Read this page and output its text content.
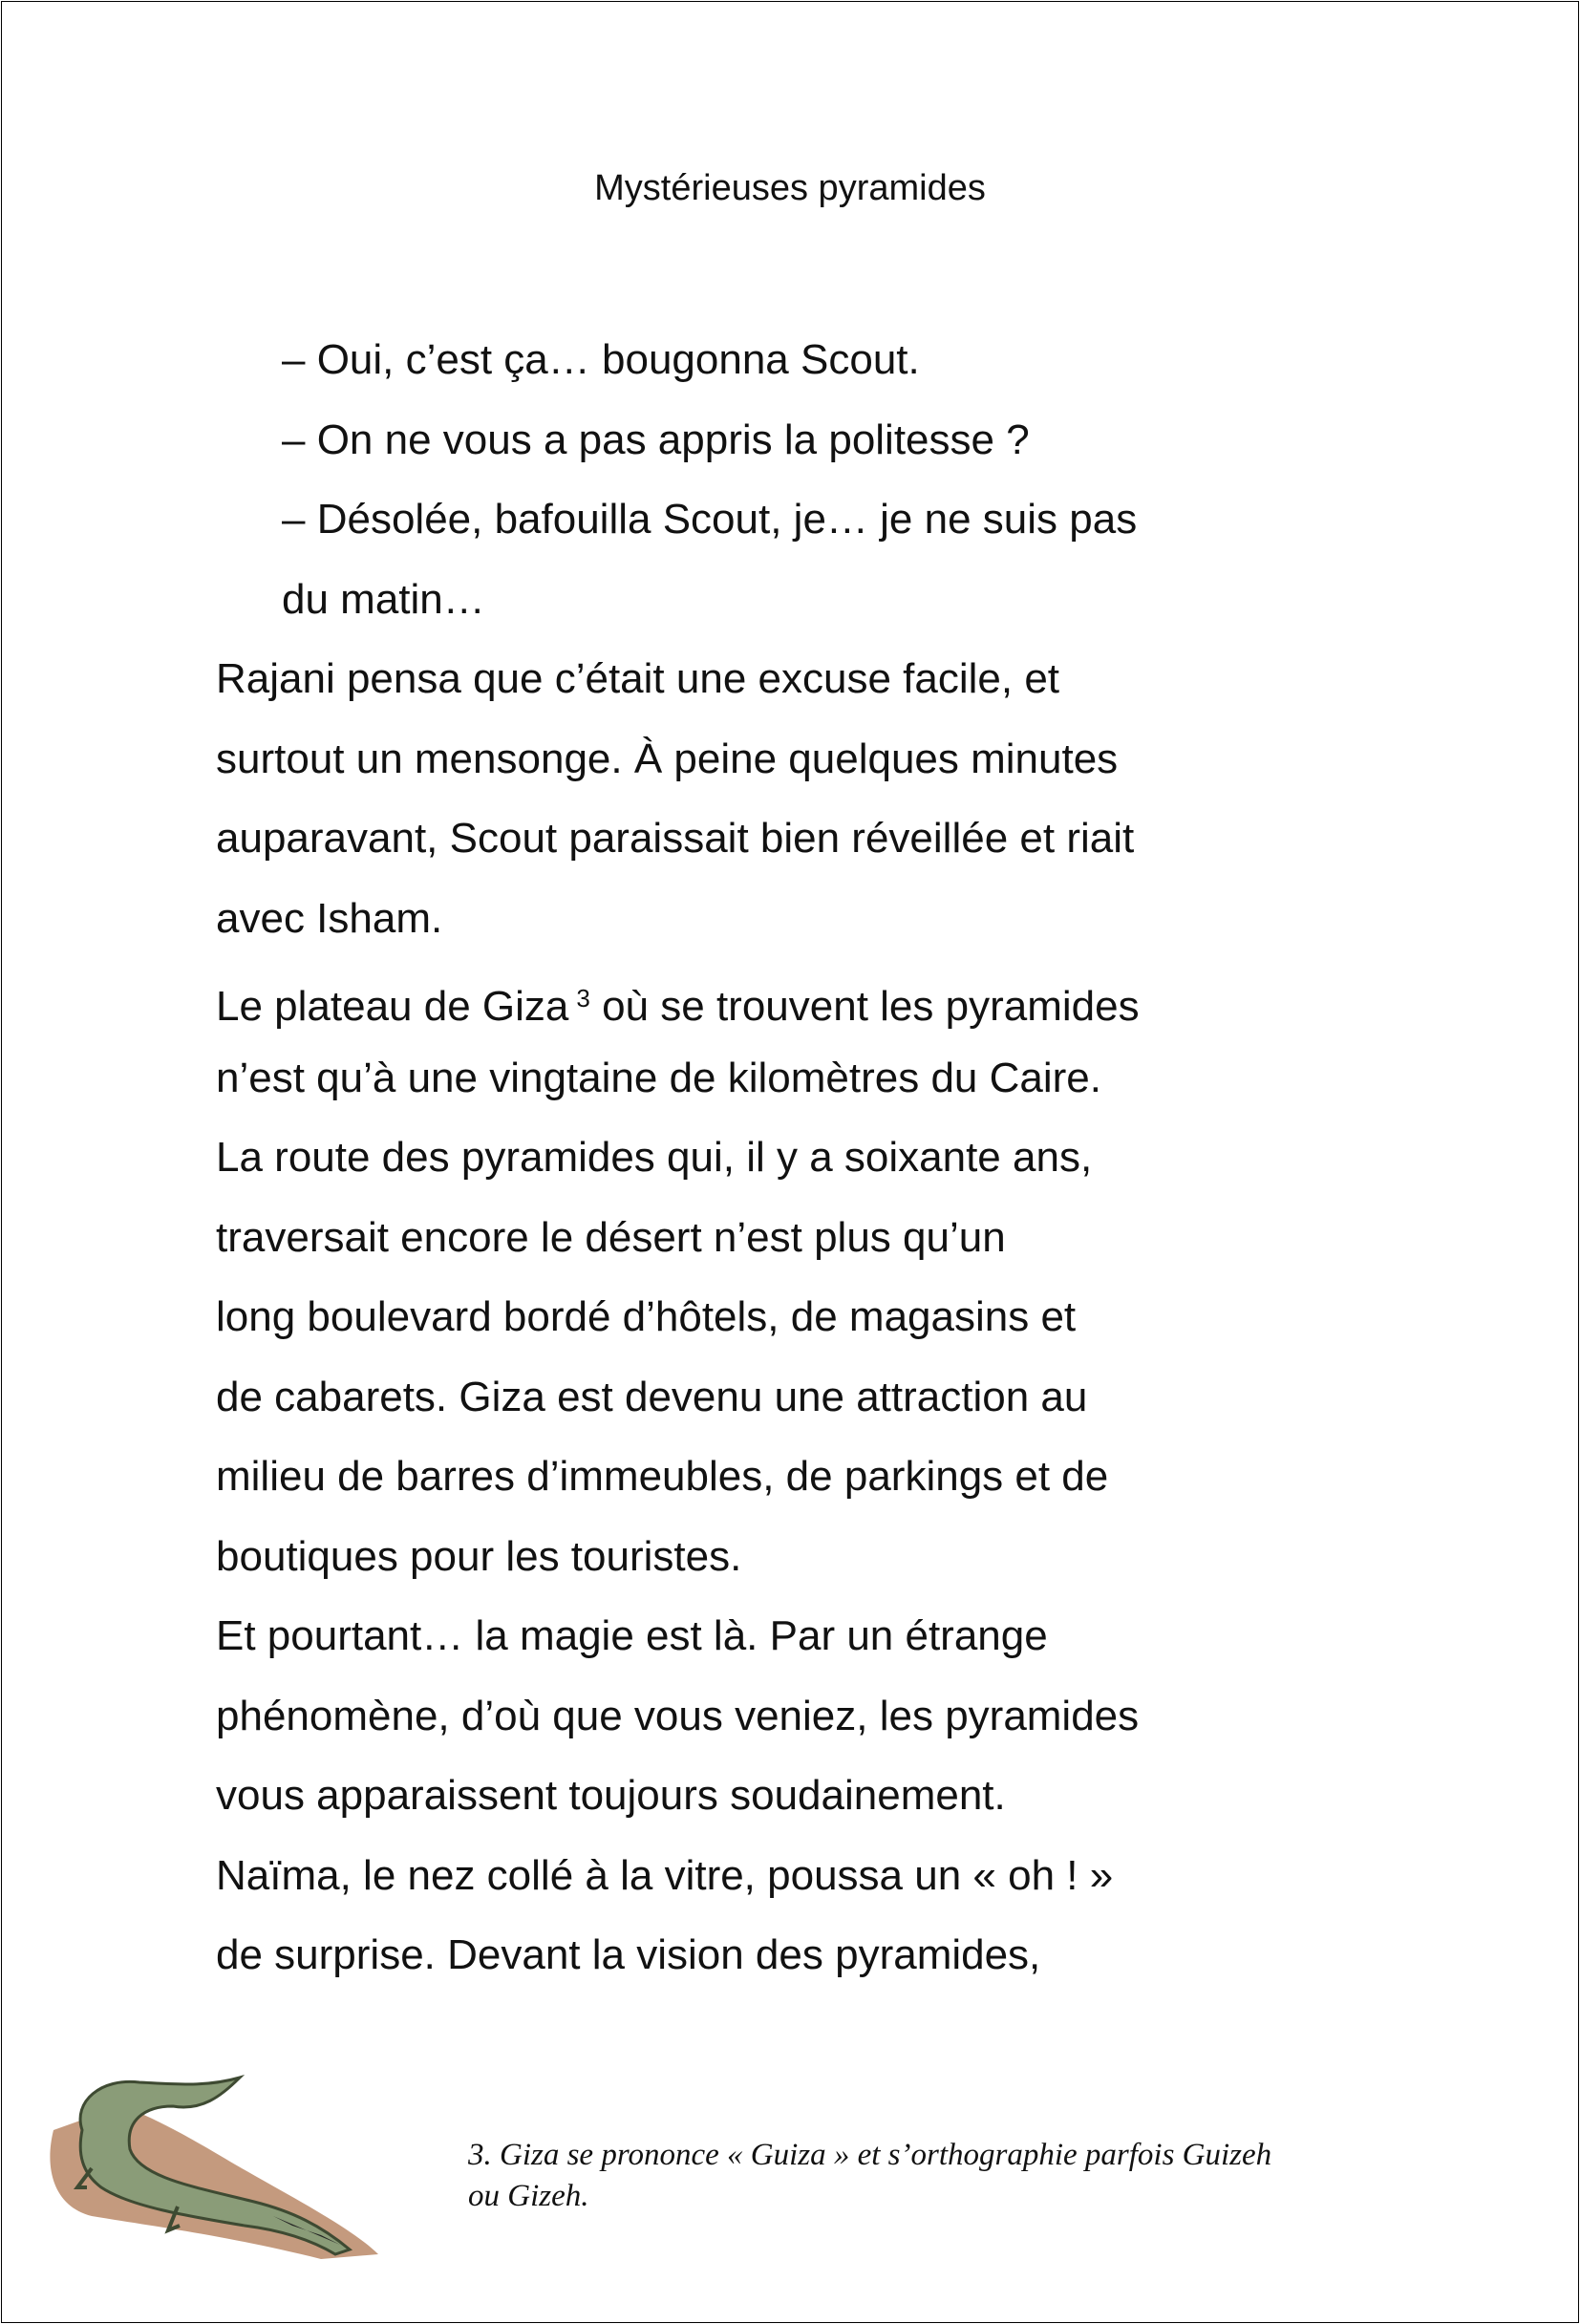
Mystérieuses pyramides
– Oui, c’est ça… bougonna Scout.
– On ne vous a pas appris la politesse ?
– Désolée, bafouilla Scout, je… je ne suis pas
du matin…
Rajani pensa que c’était une excuse facile, et
surtout un mensonge. À peine quelques minutes
auparavant, Scout paraissait bien réveillée et riait
avec Isham.
Le plateau de Giza $^3$ où se trouvent les pyramides
n’est qu’à une vingtaine de kilomètres du Caire.
La route des pyramides qui, il y a soixante ans,
traversait encore le désert n’est plus qu’un
long boulevard bordé d’hôtels, de magasins et
de cabarets. Giza est devenu une attraction au
milieu de barres d’immeubles, de parkings et de
boutiques pour les touristes.
Et pourtant… la magie est là. Par un étrange
phénomène, d’où que vous veniez, les pyramides
vous apparaissent toujours soudainement.
Naïma, le nez collé à la vitre, poussa un « oh ! »
de surprise. Devant la vision des pyramides,
3. Giza se prononce « Guiza » et s’orthographie parfois Guizeh
ou Gizeh.
